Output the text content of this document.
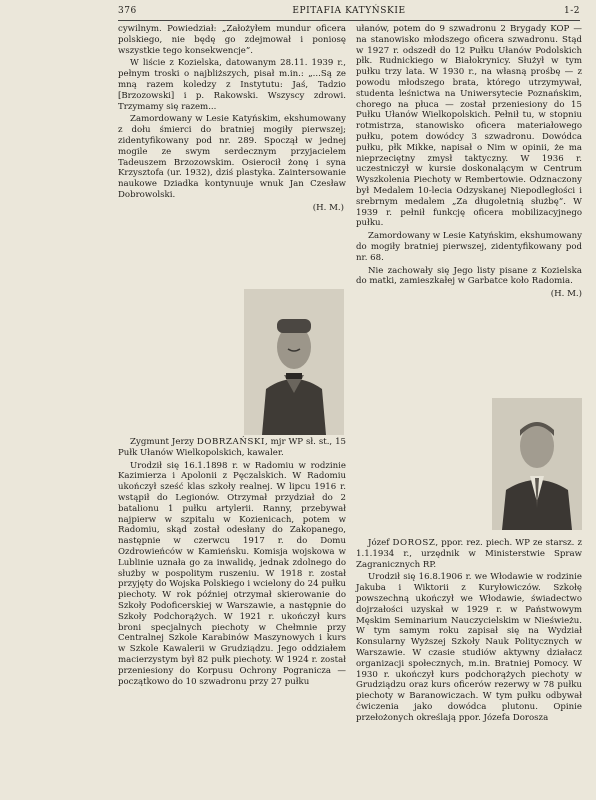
376	EPITAFIA KATYŃSKIE	1-2

cywilnym. Powiedział: „Założyłem mundur oficera polskiego, nie będę go zdejmował i poniosę wszystkie tego konsekwencje”.

W liście z Kozielska, datowanym 28.11. 1939 r., pełnym troski o najbliższych, pisał m.in.: „...Są ze mną razem koledzy z Instytutu: Jaś, Tadzio [Brzozowski] i p. Rakowski. Wszyscy zdrowi. Trzymamy się razem...

Zamordowany w Lesie Katyńskim, ekshumowany z dołu śmierci do bratniej mogiły pierwszej; zidentyfikowany pod nr. 289. Spoczął w jednej mogile ze swym serdecznym przyjacielem Tadeuszem Brzozowskim. Osierocił żonę i syna Krzysztofa (ur. 1932), dziś plastyka. Zaintersowanie naukowe Dziadka kontynuuje wnuk Jan Czesław Dobrowolski.

(H. M.)

Zygmunt Jerzy DOBRZAŃSKI, mjr WP sł. st., 15 Pułk Ułanów Wielkopolskich, kawaler.

Urodził się 16.1.1898 r. w Radomiu w rodzinie Kazimierza i Apolonii z Pęczalskich. W Radomiu ukończył sześć klas szkoły realnej. W lipcu 1916 r. wstąpił do Legionów. Otrzymał przydział do 2 batalionu 1 pułku artylerii. Ranny, przebywał najpierw w szpitalu w Kozienicach, potem w Radomiu, skąd został odesłany do Zakopanego, następnie w czerwcu 1917 r. do Domu Ozdrowieńców w Kamieńsku. Komisja wojskowa w Lublinie uznała go za inwalidę, jednak zdolnego do służby w pospolitym ruszeniu. W 1918 r. został przyjęty do Wojska Polskiego i wcielony do 24 pułku piechoty. W rok później otrzymał skierowanie do Szkoły Podoficerskiej w Warszawie, a następnie do Szkoły Podchorążych. W 1921 r. ukończył kurs broni specjalnych piechoty w Chełmnie przy Centralnej Szkole Karabinów Maszynowych i kurs w Szkole Kawalerii w Grudziądzu. Jego oddziałem macierzystym był 82 pułk piechoty. W 1924 r. został przeniesiony do Korpusu Ochrony Pogranicza — początkowo do 10 szwadronu przy 27 pułku

ułanów, potem do 9 szwadronu 2 Brygady KOP — na stanowisko młodszego oficera szwadronu. Stąd w 1927 r. odszedł do 12 Pułku Ułanów Podolskich płk. Rudnickiego w Białokrynicy. Służył w tym pułku trzy lata. W 1930 r., na własną prośbę — z powodu młodszego brata, którego utrzymywał, studenta leśnictwa na Uniwersytecie Poznańskim, chorego na płuca — został przeniesiony do 15 Pułku Ułanów Wielkopolskich. Pełnił tu, w stopniu rotmistrza, stanowisko oficera materiałowego pułku, potem dowódcy 3 szwadronu. Dowódca pułku, płk Mikke, napisał o Nim w opinii, że ma nieprzeciętny zmysł taktyczny. W 1936 r. uczestniczył w kursie doskonalącym w Centrum Wyszkolenia Piechoty w Rembertowie. Odznaczony był Medalem 10-lecia Odzyskanej Niepodległości i srebrnym medalem „Za długoletnią służbę”. W 1939 r. pełnił funkcję oficera mobilizacyjnego pułku.

Zamordowany w Lesie Katyńskim, ekshumowany do mogiły bratniej pierwszej, zidentyfikowany pod nr. 68.

Nie zachowały się Jego listy pisane z Kozielska do matki, zamieszkałej w Garbatce koło Radomia.

(H. M.)

Józef DOROSZ, ppor. rez. piech. WP ze starsz. z 1.1.1934 r., urzędnik w Ministerstwie Spraw Zagranicznych RP.

Urodził się 16.8.1906 r. we Włodawie w rodzinie Jakuba i Wiktorii z Kuryłowiczów. Szkołę powszechną ukończył we Włodawie, świadectwo dojrzałości uzyskał w 1929 r. w Państwowym Męskim Seminarium Nauczycielskim w Nieświeżu. W tym samym roku zapisał się na Wydział Konsularny Wyższej Szkoły Nauk Politycznych w Warszawie. W czasie studiów aktywny działacz organizacji społecznych, m.in. Bratniej Pomocy. W 1930 r. ukończył kurs podchorążych piechoty w Grudziądzu oraz kurs oficerów rezerwy w 78 pułku piechoty w Baranowiczach. W tym pułku odbywał ćwiczenia jako dowódca plutonu. Opinie przełożonych określają ppor. Józefa Dorosza
